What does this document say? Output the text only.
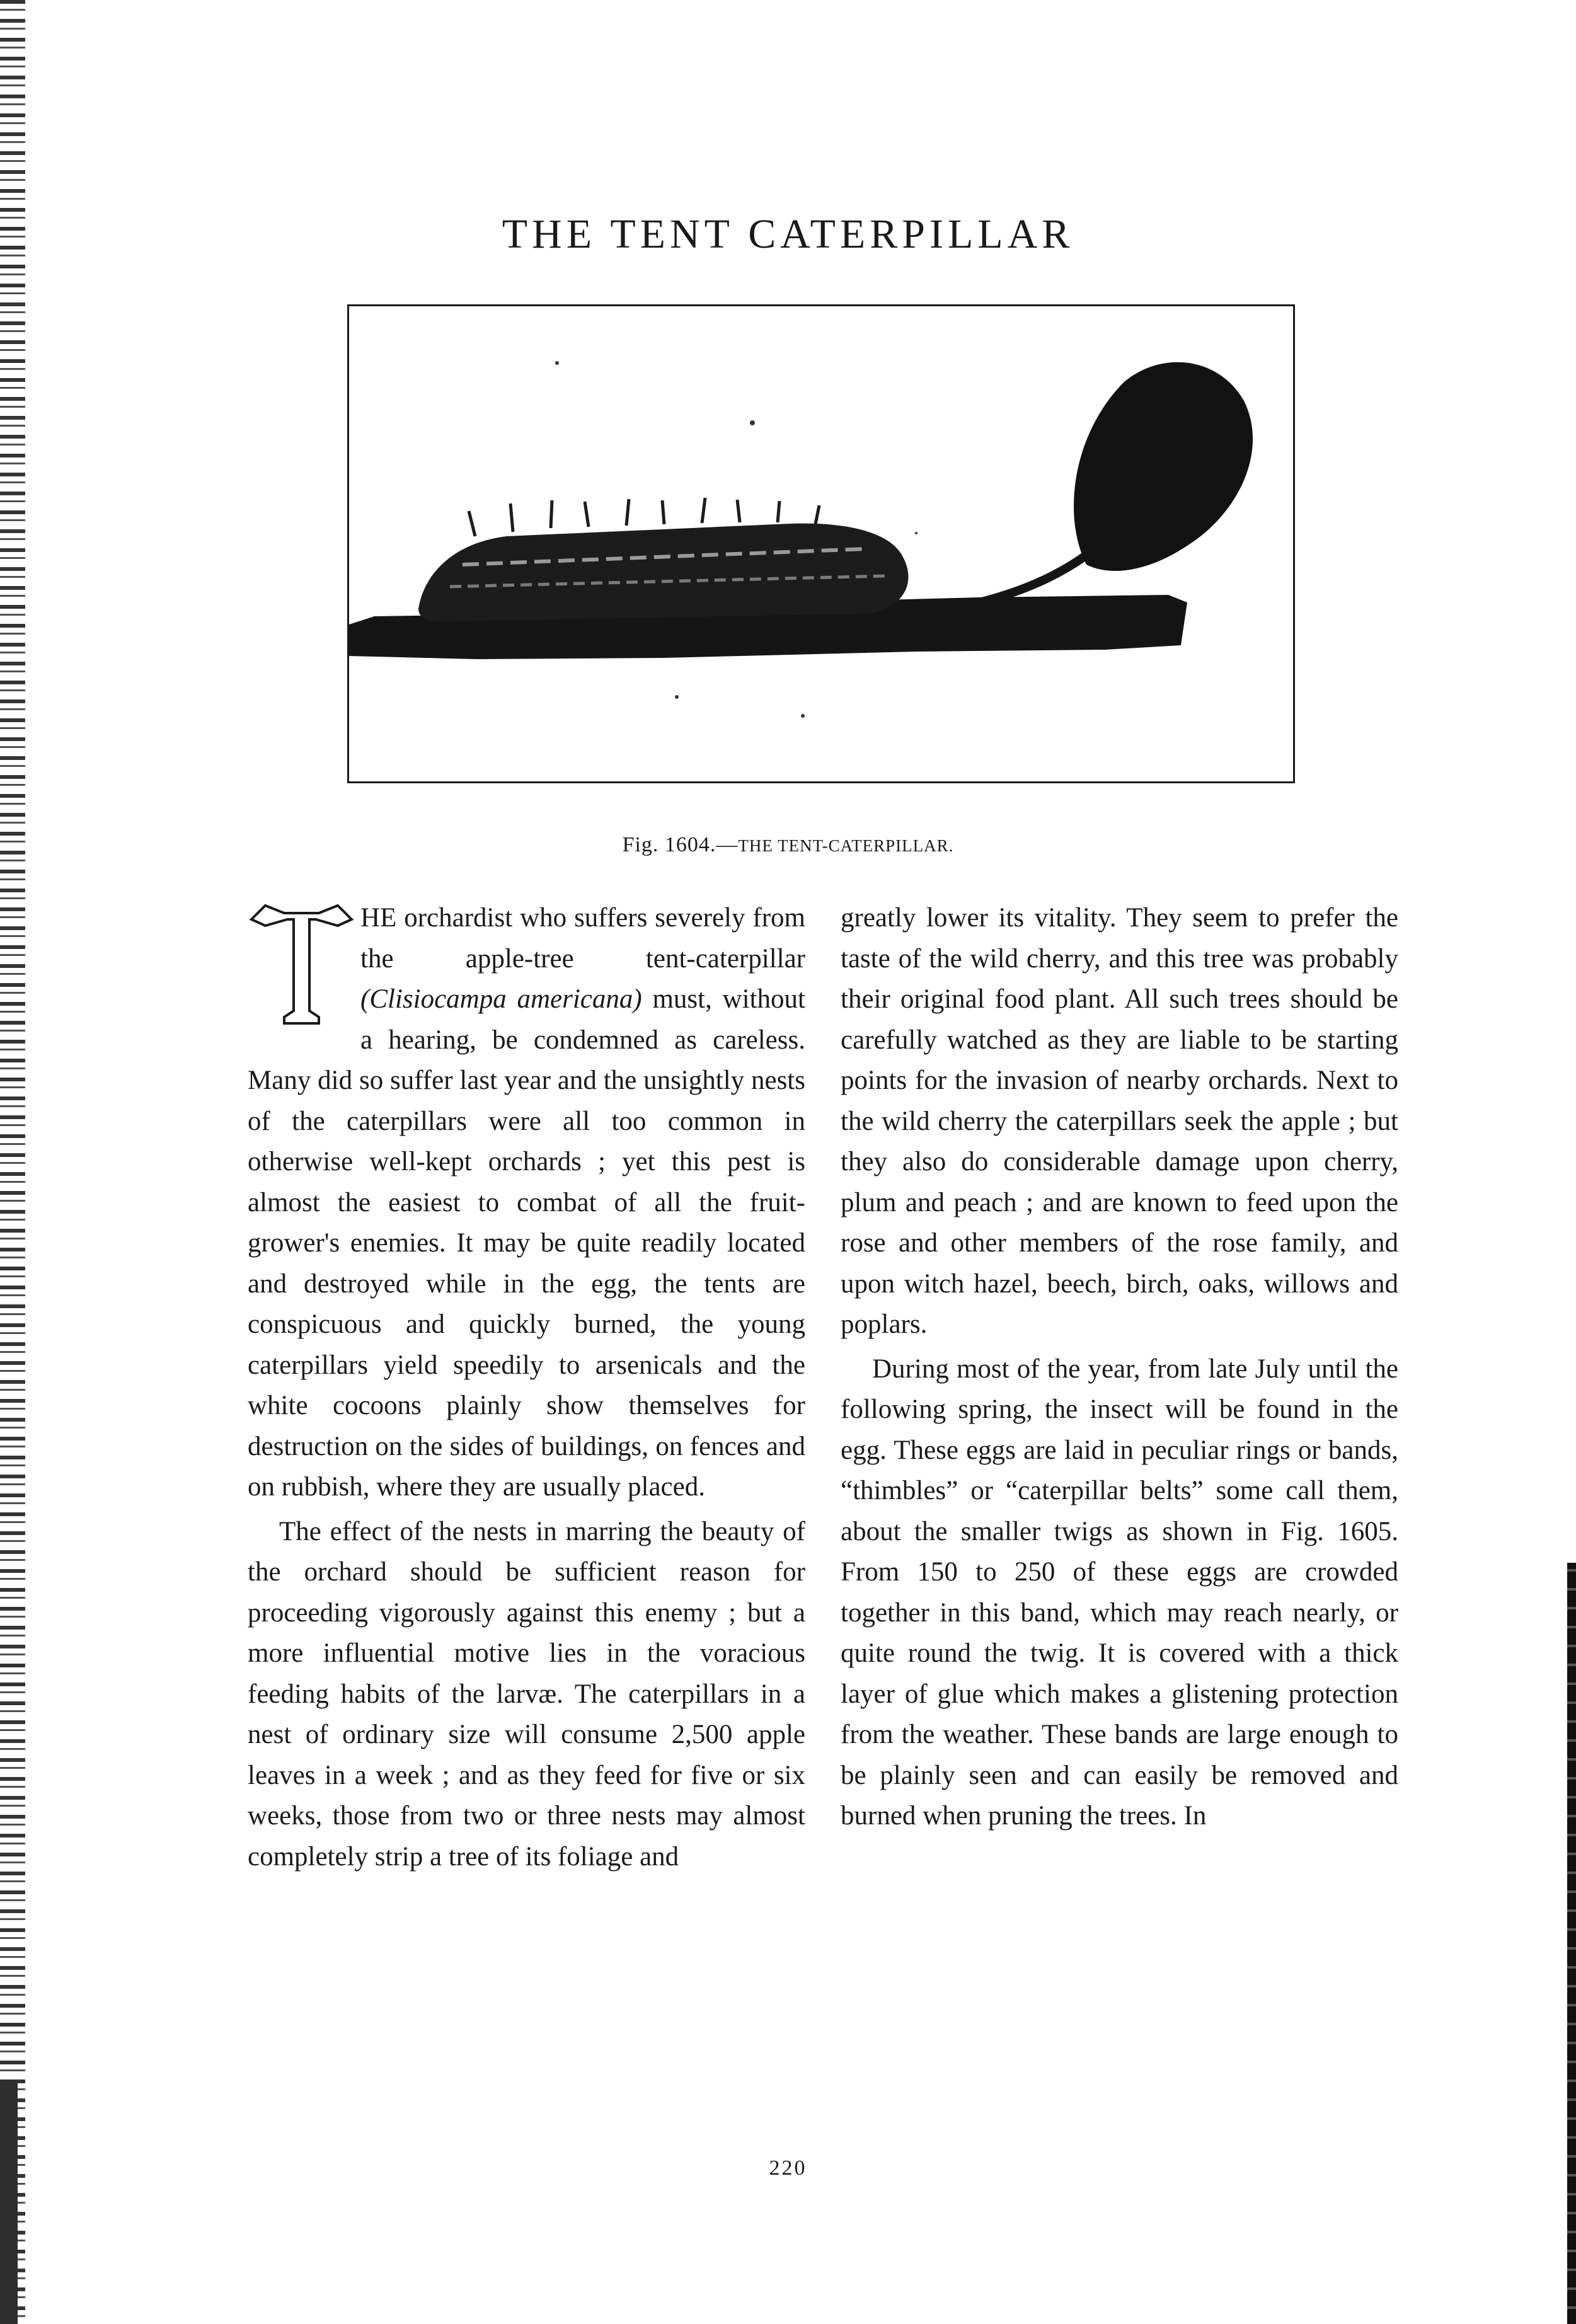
THE TENT CATERPILLAR
Fig. 1604.—THE TENT-CATERPILLAR.
T

HE orchardist who suffers severely from the apple-tree tent-caterpillar (Clisiocampa americana) must, without a hearing, be condemned as careless. Many did so suffer last year and the unsightly nests of the caterpillars were all too common in otherwise well-kept orchards ; yet this pest is almost the easiest to combat of all the fruit-grower's enemies. It may be quite readily located and destroyed while in the egg, the tents are conspicuous and quickly burned, the young caterpillars yield speedily to arsenicals and the white cocoons plainly show themselves for destruction on the sides of buildings, on fences and on rubbish, where they are usually placed.

The effect of the nests in marring the beauty of the orchard should be sufficient reason for proceeding vigorously against this enemy ; but a more influential motive lies in the voracious feeding habits of the larvæ. The caterpillars in a nest of ordinary size will consume 2,500 apple leaves in a week ; and as they feed for five or six weeks, those from two or three nests may almost completely strip a tree of its foliage and

greatly lower its vitality. They seem to prefer the taste of the wild cherry, and this tree was probably their original food plant. All such trees should be carefully watched as they are liable to be starting points for the invasion of nearby orchards. Next to the wild cherry the caterpillars seek the apple ; but they also do considerable damage upon cherry, plum and peach ; and are known to feed upon the rose and other members of the rose family, and upon witch hazel, beech, birch, oaks, willows and poplars.

During most of the year, from late July until the following spring, the insect will be found in the egg. These eggs are laid in peculiar rings or bands, “thimbles” or “caterpillar belts” some call them, about the smaller twigs as shown in Fig. 1605. From 150 to 250 of these eggs are crowded together in this band, which may reach nearly, or quite round the twig. It is covered with a thick layer of glue which makes a glistening protection from the weather. These bands are large enough to be plainly seen and can easily be removed and burned when pruning the trees. In

220
